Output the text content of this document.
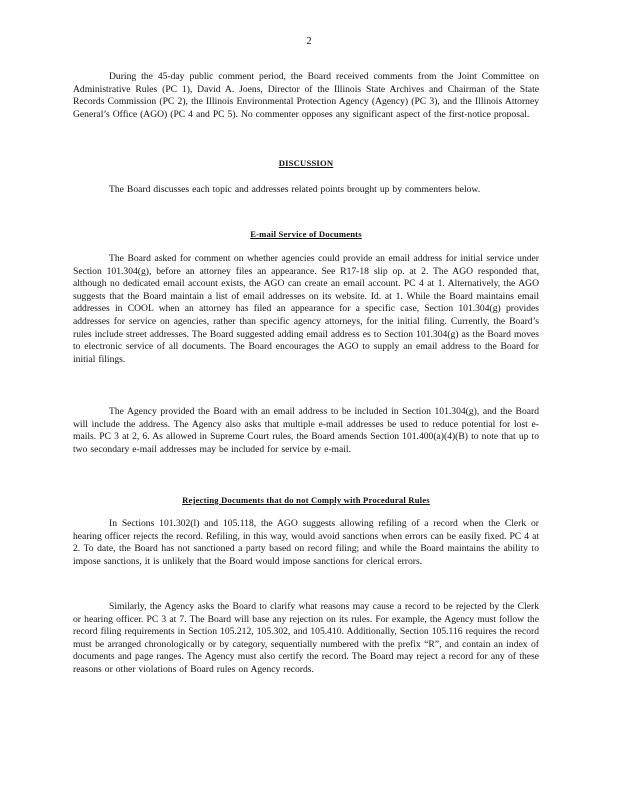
2

During the 45-day public comment period, the Board received comments from the Joint Committee on Administrative Rules (PC 1), David A. Joens, Director of the Illinois State Archives and Chairman of the State Records Commission (PC 2), the Illinois Environmental Protection Agency (Agency) (PC 3), and the Illinois Attorney General’s Office (AGO) (PC 4 and PC 5). No commenter opposes any significant aspect of the first-notice proposal.

DISCUSSION

The Board discusses each topic and addresses related points brought up by commenters below.

E-mail Service of Documents

The Board asked for comment on whether agencies could provide an email address for initial service under Section 101.304(g), before an attorney files an appearance. See R17-18 slip op. at 2. The AGO responded that, although no dedicated email account exists, the AGO can create an email account. PC 4 at 1. Alternatively, the AGO suggests that the Board maintain a list of email addresses on its website. Id. at 1. While the Board maintains email addresses in COOL when an attorney has filed an appearance for a specific case, Section 101.304(g) provides addresses for service on agencies, rather than specific agency attorneys, for the initial filing. Currently, the Board’s rules include street addresses. The Board suggested adding email address es to Section 101.304(g) as the Board moves to electronic service of all documents. The Board encourages the AGO to supply an email address to the Board for initial filings.

The Agency provided the Board with an email address to be included in Section 101.304(g), and the Board will include the address. The Agency also asks that multiple e-mail addresses be used to reduce potential for lost e-mails. PC 3 at 2, 6. As allowed in Supreme Court rules, the Board amends Section 101.400(a)(4)(B) to note that up to two secondary e-mail addresses may be included for service by e-mail.

Rejecting Documents that do not Comply with Procedural Rules

In Sections 101.302(l) and 105.118, the AGO suggests allowing refiling of a record when the Clerk or hearing officer rejects the record. Refiling, in this way, would avoid sanctions when errors can be easily fixed. PC 4 at 2. To date, the Board has not sanctioned a party based on record filing; and while the Board maintains the ability to impose sanctions, it is unlikely that the Board would impose sanctions for clerical errors.

Similarly, the Agency asks the Board to clarify what reasons may cause a record to be rejected by the Clerk or hearing officer. PC 3 at 7. The Board will base any rejection on its rules. For example, the Agency must follow the record filing requirements in Section 105.212, 105.302, and 105.410. Additionally, Section 105.116 requires the record must be arranged chronologically or by category, sequentially numbered with the prefix “R”, and contain an index of documents and page ranges. The Agency must also certify the record. The Board may reject a record for any of these reasons or other violations of Board rules on Agency records.
